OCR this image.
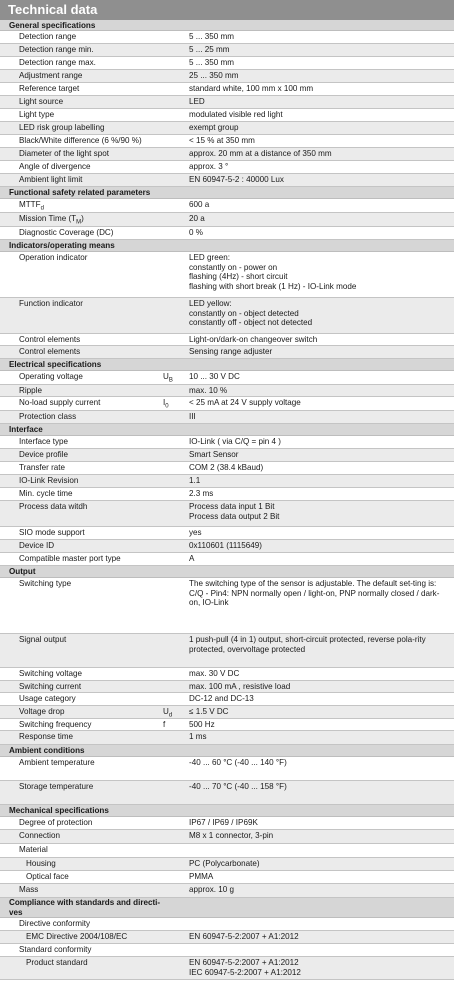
Technical data
General specifications
Detection range	5 ... 350 mm
Detection range min.	5 ... 25 mm
Detection range max.	5 ... 350 mm
Adjustment range	25 ... 350 mm
Reference target	standard white, 100 mm x 100 mm
Light source	LED
Light type	modulated visible red light
LED risk group labelling	exempt group
Black/White difference (6 %/90 %)	< 15 % at 350 mm
Diameter of the light spot	approx. 20 mm at a distance of 350 mm
Angle of divergence	approx. 3 °
Ambient light limit	EN 60947-5-2 : 40000 Lux
Functional safety related parameters
$MTTF_d$	600 a
Mission Time $(T_M)$	20 a
Diagnostic Coverage (DC)	0 %
Indicators/operating means
Operation indicator	LED green:
constantly on - power on
flashing (4Hz) - short circuit
flashing with short break (1 Hz) - IO-Link mode
Function indicator	LED yellow:
constantly on - object detected
constantly off - object not detected
Control elements	Light-on/dark-on changeover switch
Control elements	Sensing range adjuster
Electrical specifications
Operating voltage	$U_B$	10 ... 30 V DC
Ripple	max. 10 %
No-load supply current	$I_0$	< 25 mA at 24 V supply voltage
Protection class	III
Interface
Interface type	IO-Link ( via C/Q = pin 4 )
Device profile	Smart Sensor
Transfer rate	COM 2 (38.4 kBaud)
IO-Link Revision	1.1
Min. cycle time	2.3 ms
Process data witdh	Process data input 1 Bit
Process data output 2 Bit
SIO mode support	yes
Device ID	0x110601 (1115649)
Compatible master port type	A
Output
Switching type	The switching type of the sensor is adjustable. The default set-ting is:
C/Q - Pin4: NPN normally open / light-on, PNP normally closed / dark-on, IO-Link
Signal output	1 push-pull (4 in 1) output, short-circuit protected, reverse pola-rity protected, overvoltage protected
Switching voltage	max. 30 V DC
Switching current	max. 100 mA , resistive load
Usage category	DC-12 and DC-13
Voltage drop	$U_d$	≤ 1.5 V DC
Switching frequency	f	500 Hz
Response time	1 ms
Ambient conditions
Ambient temperature	-40 ... 60 °C (-40 ... 140 °F)
Storage temperature	-40 ... 70 °C (-40 ... 158 °F)
Mechanical specifications
Degree of protection	IP67 / IP69 / IP69K
Connection	M8 x 1 connector, 3-pin
Material
Housing	PC (Polycarbonate)
Optical face	PMMA
Mass	approx. 10 g
Compliance with standards and directi-
ves
Directive conformity
EMC Directive 2004/108/EC	EN 60947-5-2:2007 + A1:2012
Standard conformity
Product standard	EN 60947-5-2:2007 + A1:2012
IEC 60947-5-2:2007 + A1:2012
